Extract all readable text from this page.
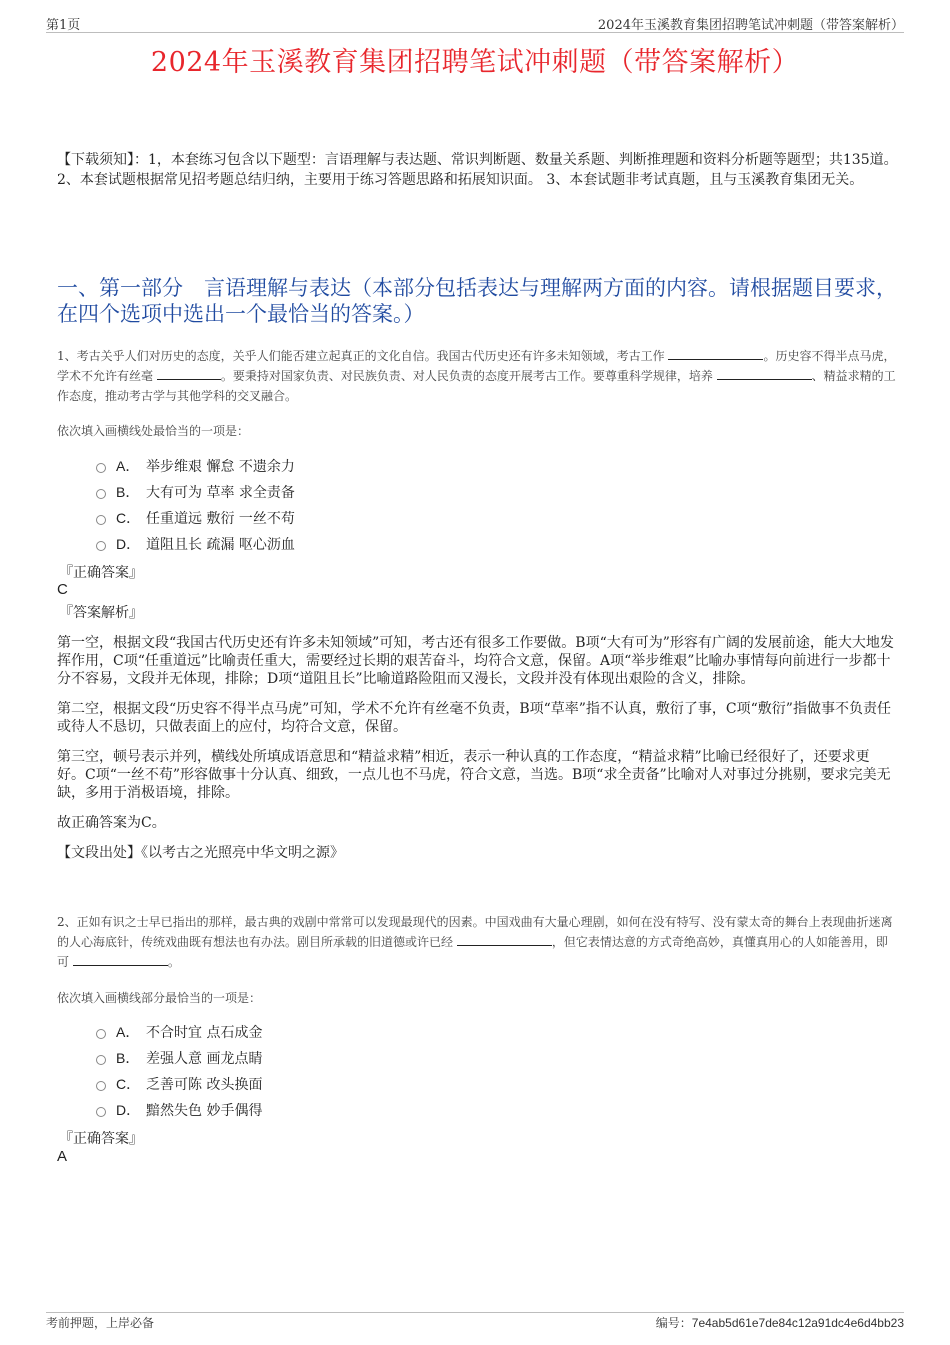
第1页	2024年玉溪教育集团招聘笔试冲刺题（带答案解析）
2024年玉溪教育集团招聘笔试冲刺题（带答案解析）
【下载须知】：1，本套练习包含以下题型：言语理解与表达题、常识判断题、数量关系题、判断推理题和资料分析题等题型；共135道。 2、本套试题根据常见招考题总结归纳，主要用于练习答题思路和拓展知识面。 3、本套试题非考试真题，且与玉溪教育集团无关。
一、第一部分　言语理解与表达（本部分包括表达与理解两方面的内容。请根据题目要求，在四个选项中选出一个最恰当的答案。）
1、考古关乎人们对历史的态度，关乎人们能否建立起真正的文化自信。我国古代历史还有许多未知领域，考古工作	。历史容不得半点马虎，学术不允许有丝毫	。要秉持对国家负责、对民族负责、对人民负责的态度开展考古工作。要尊重科学规律，培养	、精益求精的工作态度，推动考古学与其他学科的交叉融合。
依次填入画横线处最恰当的一项是：
A． 举步维艰 懈怠 不遗余力
B． 大有可为 草率 求全责备
C． 任重道远 敷衍 一丝不苟
D． 道阻且长 疏漏 呕心沥血
『正确答案』
C
『答案解析』

第一空，根据文段“我国古代历史还有许多未知领域”可知，考古还有很多工作要做。B项“大有可为”形容有广阔的发展前途，能大大地发挥作用，C项“任重道远”比喻责任重大，需要经过长期的艰苦奋斗，均符合文意，保留。A项“举步维艰”比喻办事情每向前进行一步都十分不容易，文段并无体现，排除；D项“道阻且长”比喻道路险阻而又漫长，文段并没有体现出艰险的含义，排除。

第二空，根据文段“历史容不得半点马虎”可知，学术不允许有丝毫不负责，B项“草率”指不认真，敷衍了事，C项“敷衍”指做事不负责任或待人不恳切，只做表面上的应付，均符合文意，保留。

第三空，顿号表示并列，横线处所填成语意思和“精益求精”相近，表示一种认真的工作态度，“精益求精”比喻已经很好了，还要求更好。C项“一丝不苟”形容做事十分认真、细致，一点儿也不马虎，符合文意，当选。B项“求全责备”比喻对人对事过分挑剔，要求完美无缺，多用于消极语境，排除。

故正确答案为C。

【文段出处】《以考古之光照亮中华文明之源》

2、正如有识之士早已指出的那样，最古典的戏剧中常常可以发现最现代的因素。中国戏曲有大量心理剧，如何在没有特写、没有蒙太奇的舞台上表现曲折迷离的人心海底针，传统戏曲既有想法也有办法。剧目所承载的旧道德或许已经	，但它表情达意的方式奇绝高妙，真懂真用心的人如能善用，即可	。
依次填入画横线部分最恰当的一项是：
A． 不合时宜 点石成金
B． 差强人意 画龙点睛
C． 乏善可陈 改头换面
D． 黯然失色 妙手偶得
『正确答案』
A
考前押题，上岸必备	编号：7e4ab5d61e7de84c12a91dc4e6d4bb23
